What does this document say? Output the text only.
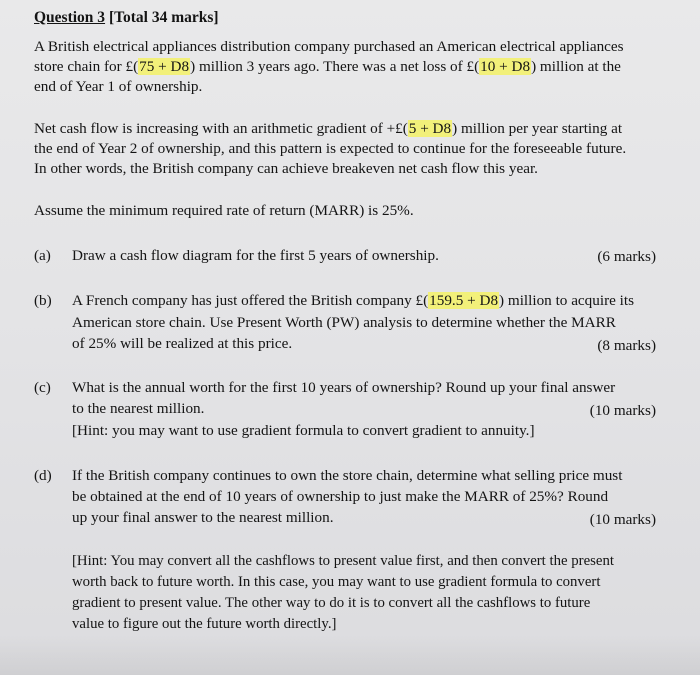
Question 3 [Total 34 marks]
A British electrical appliances distribution company purchased an American electrical appliances
store chain for £(75 + D8) million 3 years ago. There was a net loss of £(10 + D8) million at the
end of Year 1 of ownership.
Net cash flow is increasing with an arithmetic gradient of +£(5 + D8) million per year starting at
the end of Year 2 of ownership, and this pattern is expected to continue for the foreseeable future.
In other words, the British company can achieve breakeven net cash flow this year.
Assume the minimum required rate of return (MARR) is 25%.
(a) Draw a cash flow diagram for the first 5 years of ownership.	(6 marks)
(b) A French company has just offered the British company £(159.5 + D8) million to acquire its
American store chain. Use Present Worth (PW) analysis to determine whether the MARR
of 25% will be realized at this price.	(8 marks)
(c) What is the annual worth for the first 10 years of ownership? Round up your final answer
to the nearest million.	(10 marks)
[Hint: you may want to use gradient formula to convert gradient to annuity.]
(d) If the British company continues to own the store chain, determine what selling price must
be obtained at the end of 10 years of ownership to just make the MARR of 25%? Round
up your final answer to the nearest million.	(10 marks)
[Hint: You may convert all the cashflows to present value first, and then convert the present
worth back to future worth. In this case, you may want to use gradient formula to convert
gradient to present value. The other way to do it is to convert all the cashflows to future
value to figure out the future worth directly.]
